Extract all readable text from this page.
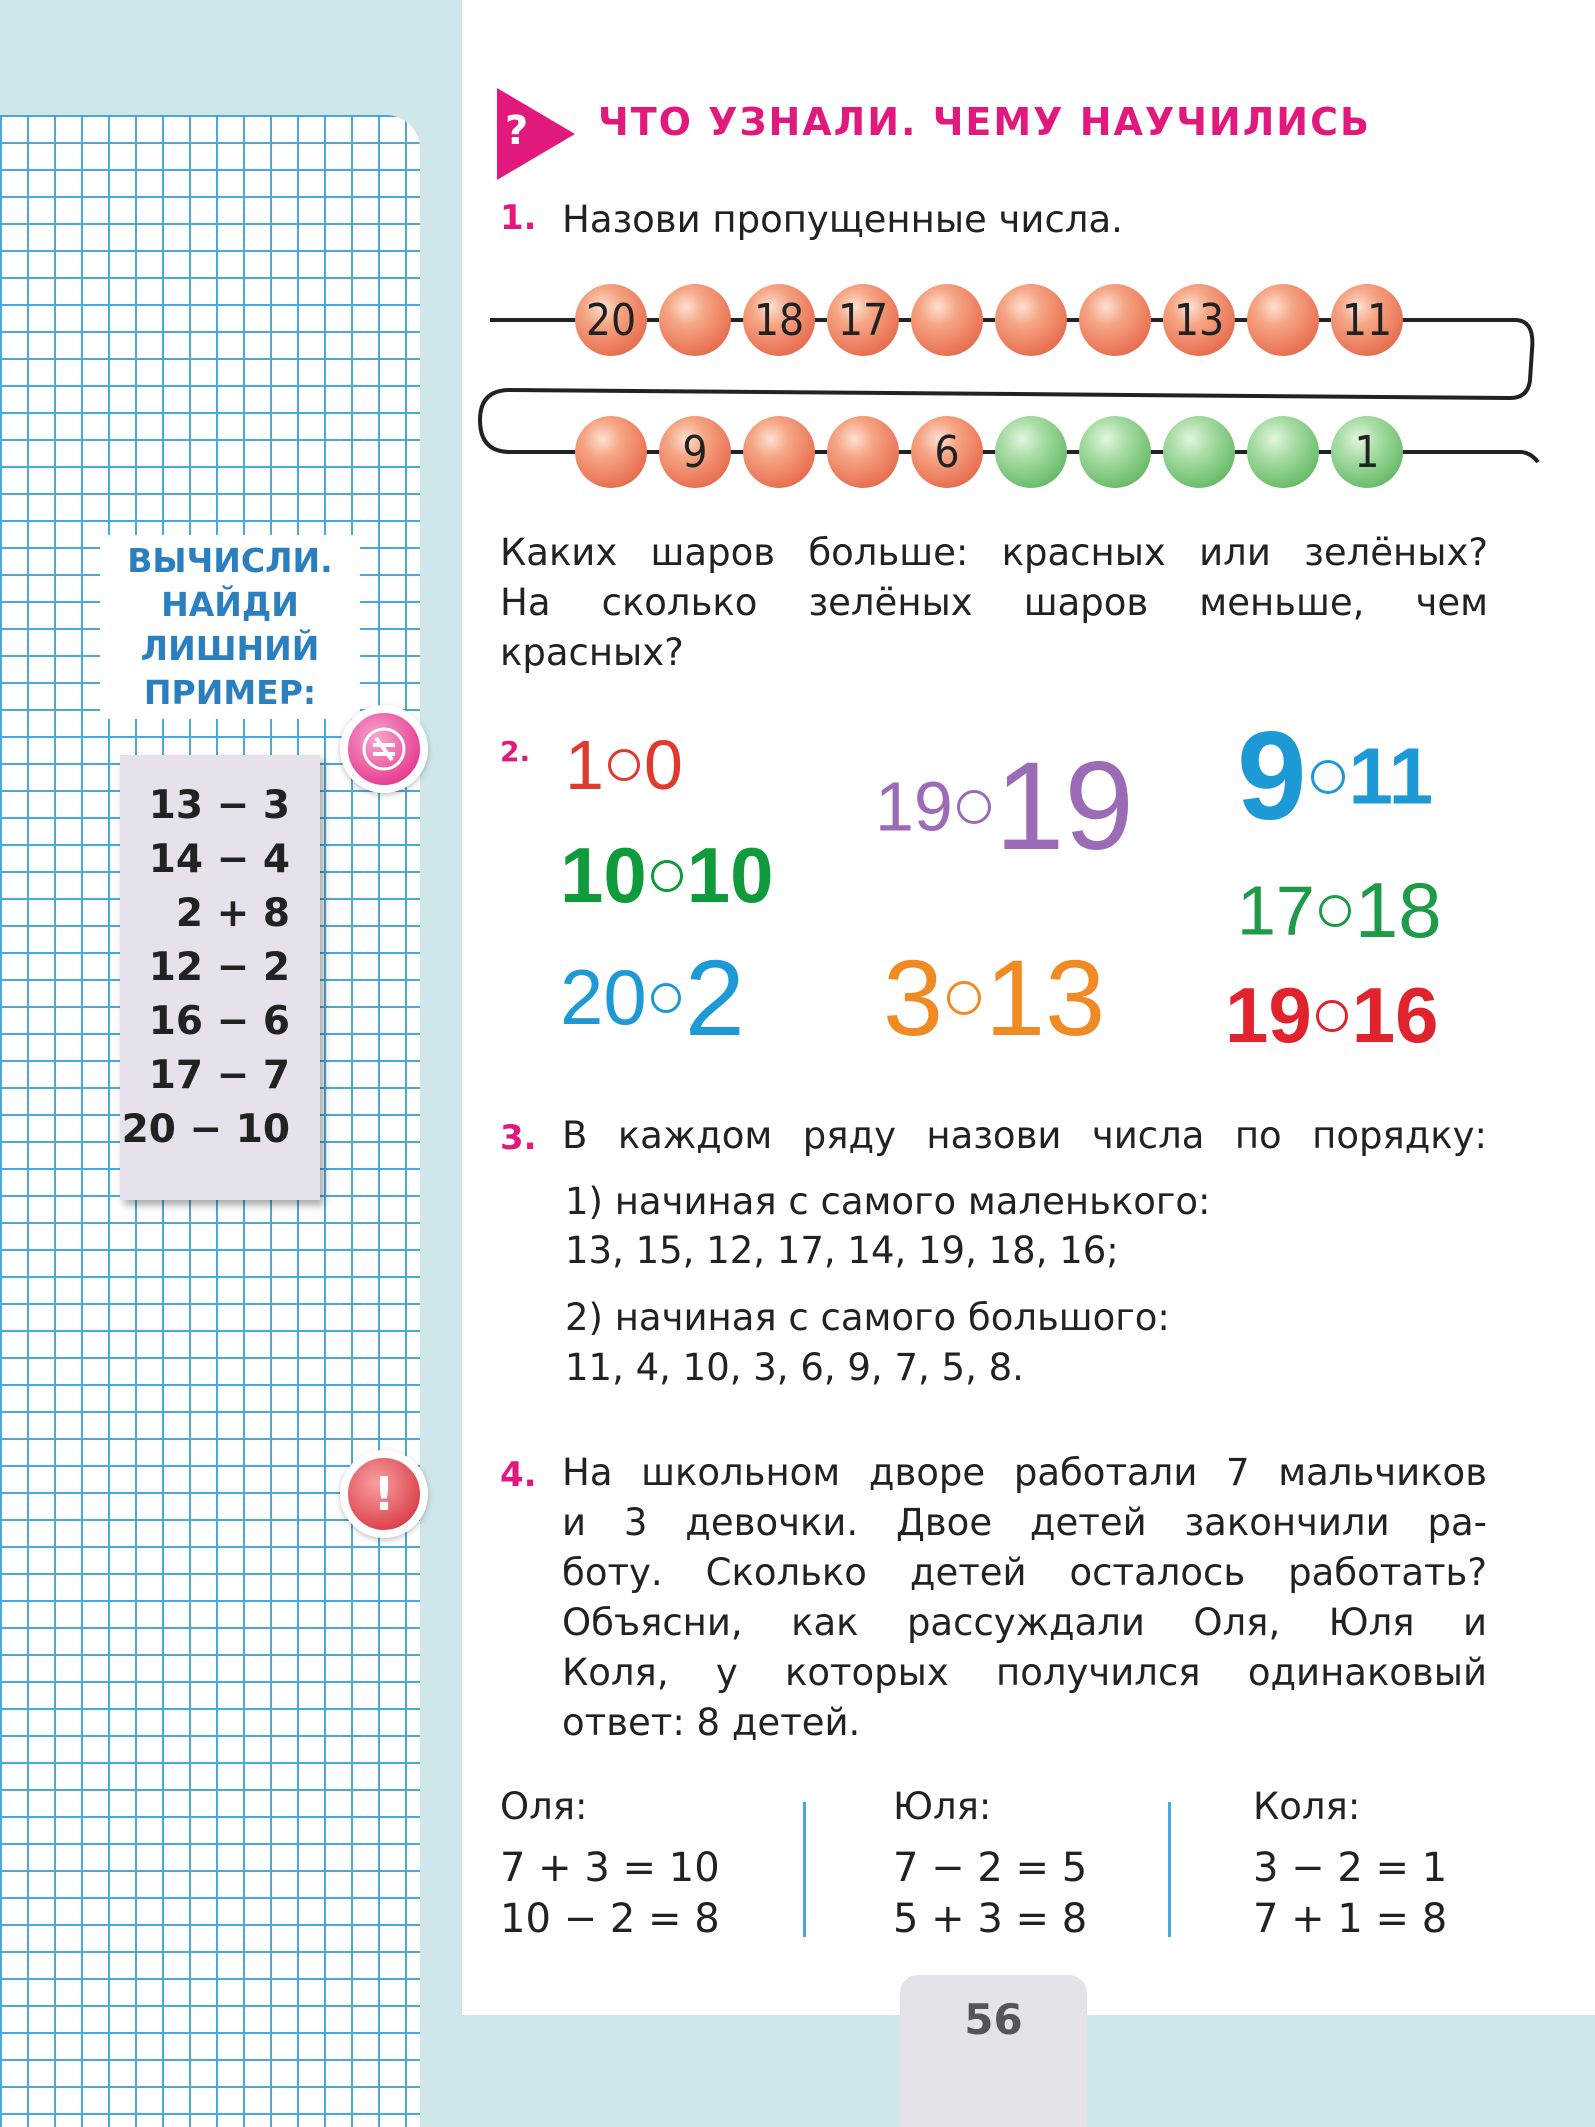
? ЧТО УЗНАЛИ. ЧЕМУ НАУЧИЛИСЬ
1. Назови пропущенные числа.
20	18 17	13	11
9	6	1
Каких шаров больше: красных или зелёных?
На сколько зелёных шаров меньше, чем
красных?
2. 1 0
10 10
20 2
19 19
3 13
9 11
17 18
19 16
3. В каждом ряду назови числа по порядку:
1) начиная с самого маленького:
13, 15, 12, 17, 14, 19, 18, 16;
2) начиная с самого большого:
11, 4, 10, 3, 6, 9, 7, 5, 8.
4. На школьном дворе работали 7 мальчиков
и 3 девочки. Двое детей закончили ра-
боту. Сколько детей осталось работать?
Объясни, как рассуждали Оля, Юля и
Коля, у которых получился одинаковый
ответ: 8 детей.
Оля:
7 + 3 = 10
10 − 2 = 8
Юля:
7 − 2 = 5
5 + 3 = 8
Коля:
3 − 2 = 1
7 + 1 = 8
ВЫЧИСЛИ.
НАЙДИ
ЛИШНИЙ
ПРИМЕР:
13 − 3
14 − 4
2 + 8
12 − 2
16 − 6
17 − 7
20 − 10
!
56
